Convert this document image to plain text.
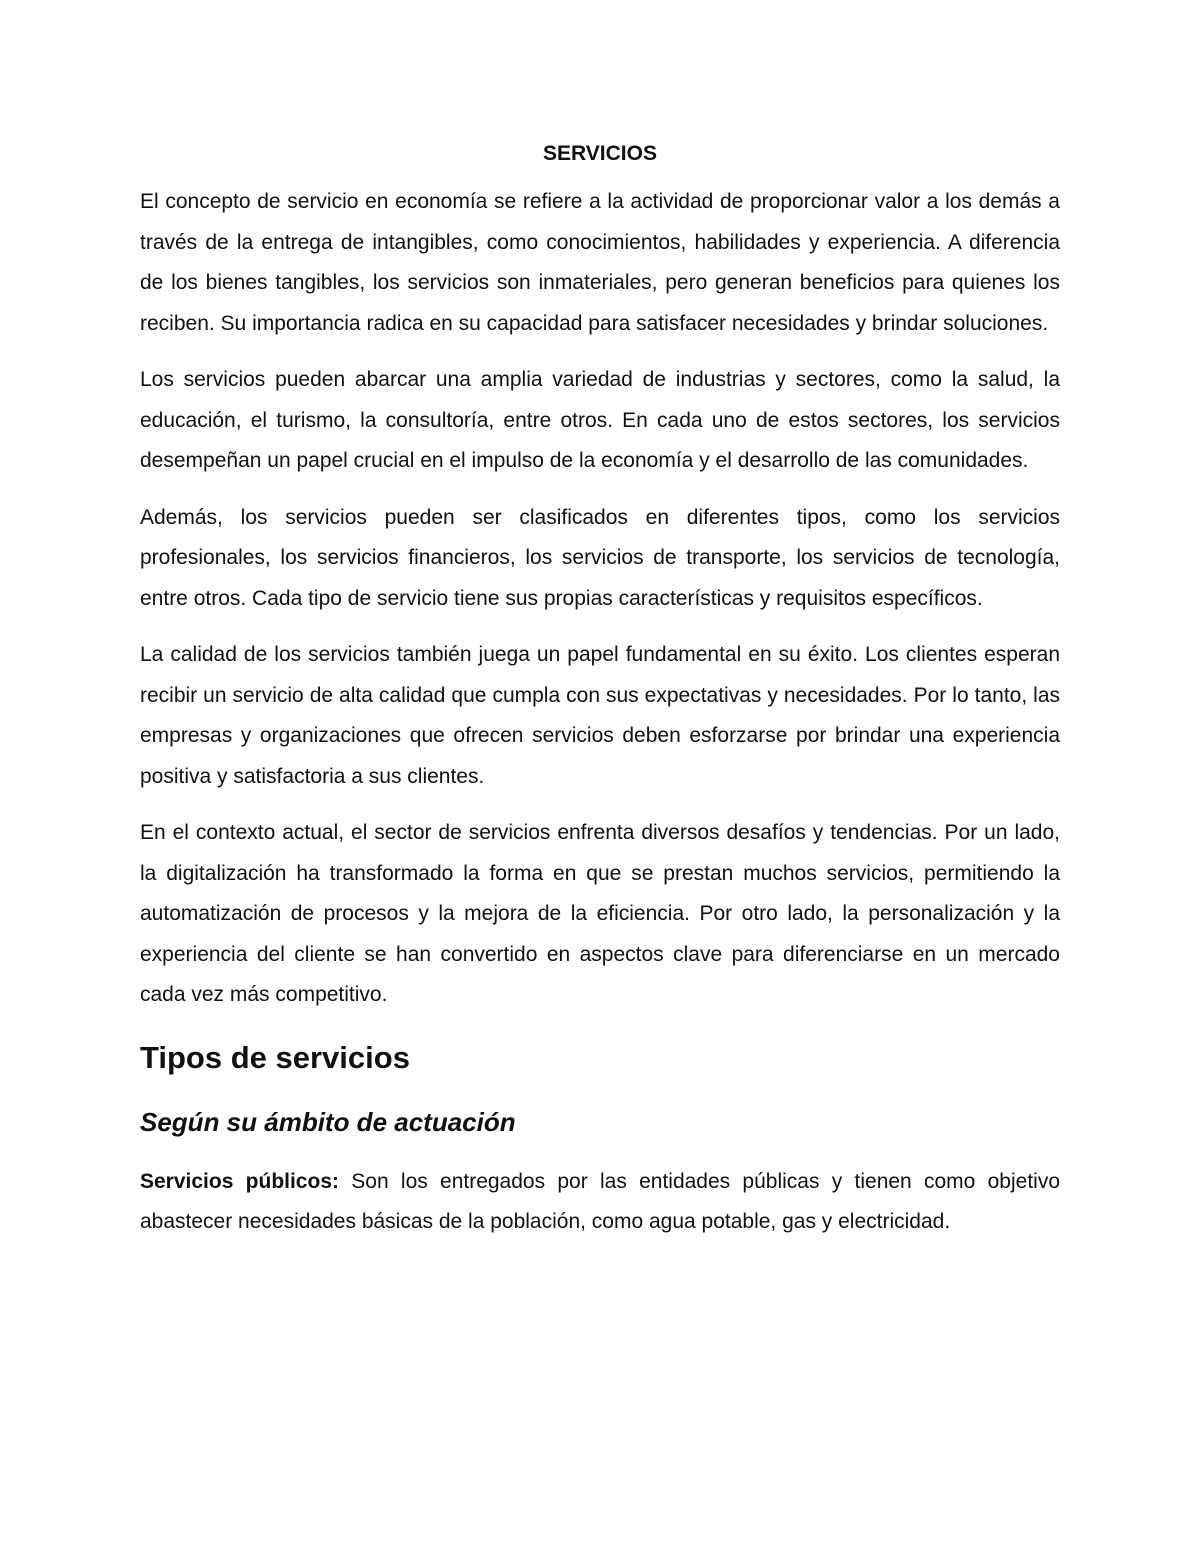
SERVICIOS

El concepto de servicio en economía se refiere a la actividad de proporcionar valor a los demás a través de la entrega de intangibles, como conocimientos, habilidades y experiencia. A diferencia de los bienes tangibles, los servicios son inmateriales, pero generan beneficios para quienes los reciben. Su importancia radica en su capacidad para satisfacer necesidades y brindar soluciones.

Los servicios pueden abarcar una amplia variedad de industrias y sectores, como la salud, la educación, el turismo, la consultoría, entre otros. En cada uno de estos sectores, los servicios desempeñan un papel crucial en el impulso de la economía y el desarrollo de las comunidades.

Además, los servicios pueden ser clasificados en diferentes tipos, como los servicios profesionales, los servicios financieros, los servicios de transporte, los servicios de tecnología, entre otros. Cada tipo de servicio tiene sus propias características y requisitos específicos.

La calidad de los servicios también juega un papel fundamental en su éxito. Los clientes esperan recibir un servicio de alta calidad que cumpla con sus expectativas y necesidades. Por lo tanto, las empresas y organizaciones que ofrecen servicios deben esforzarse por brindar una experiencia positiva y satisfactoria a sus clientes.

En el contexto actual, el sector de servicios enfrenta diversos desafíos y tendencias. Por un lado, la digitalización ha transformado la forma en que se prestan muchos servicios, permitiendo la automatización de procesos y la mejora de la eficiencia. Por otro lado, la personalización y la experiencia del cliente se han convertido en aspectos clave para diferenciarse en un mercado cada vez más competitivo.

Tipos de servicios
Según su ámbito de actuación

Servicios públicos: Son los entregados por las entidades públicas y tienen como objetivo abastecer necesidades básicas de la población, como agua potable, gas y electricidad.
